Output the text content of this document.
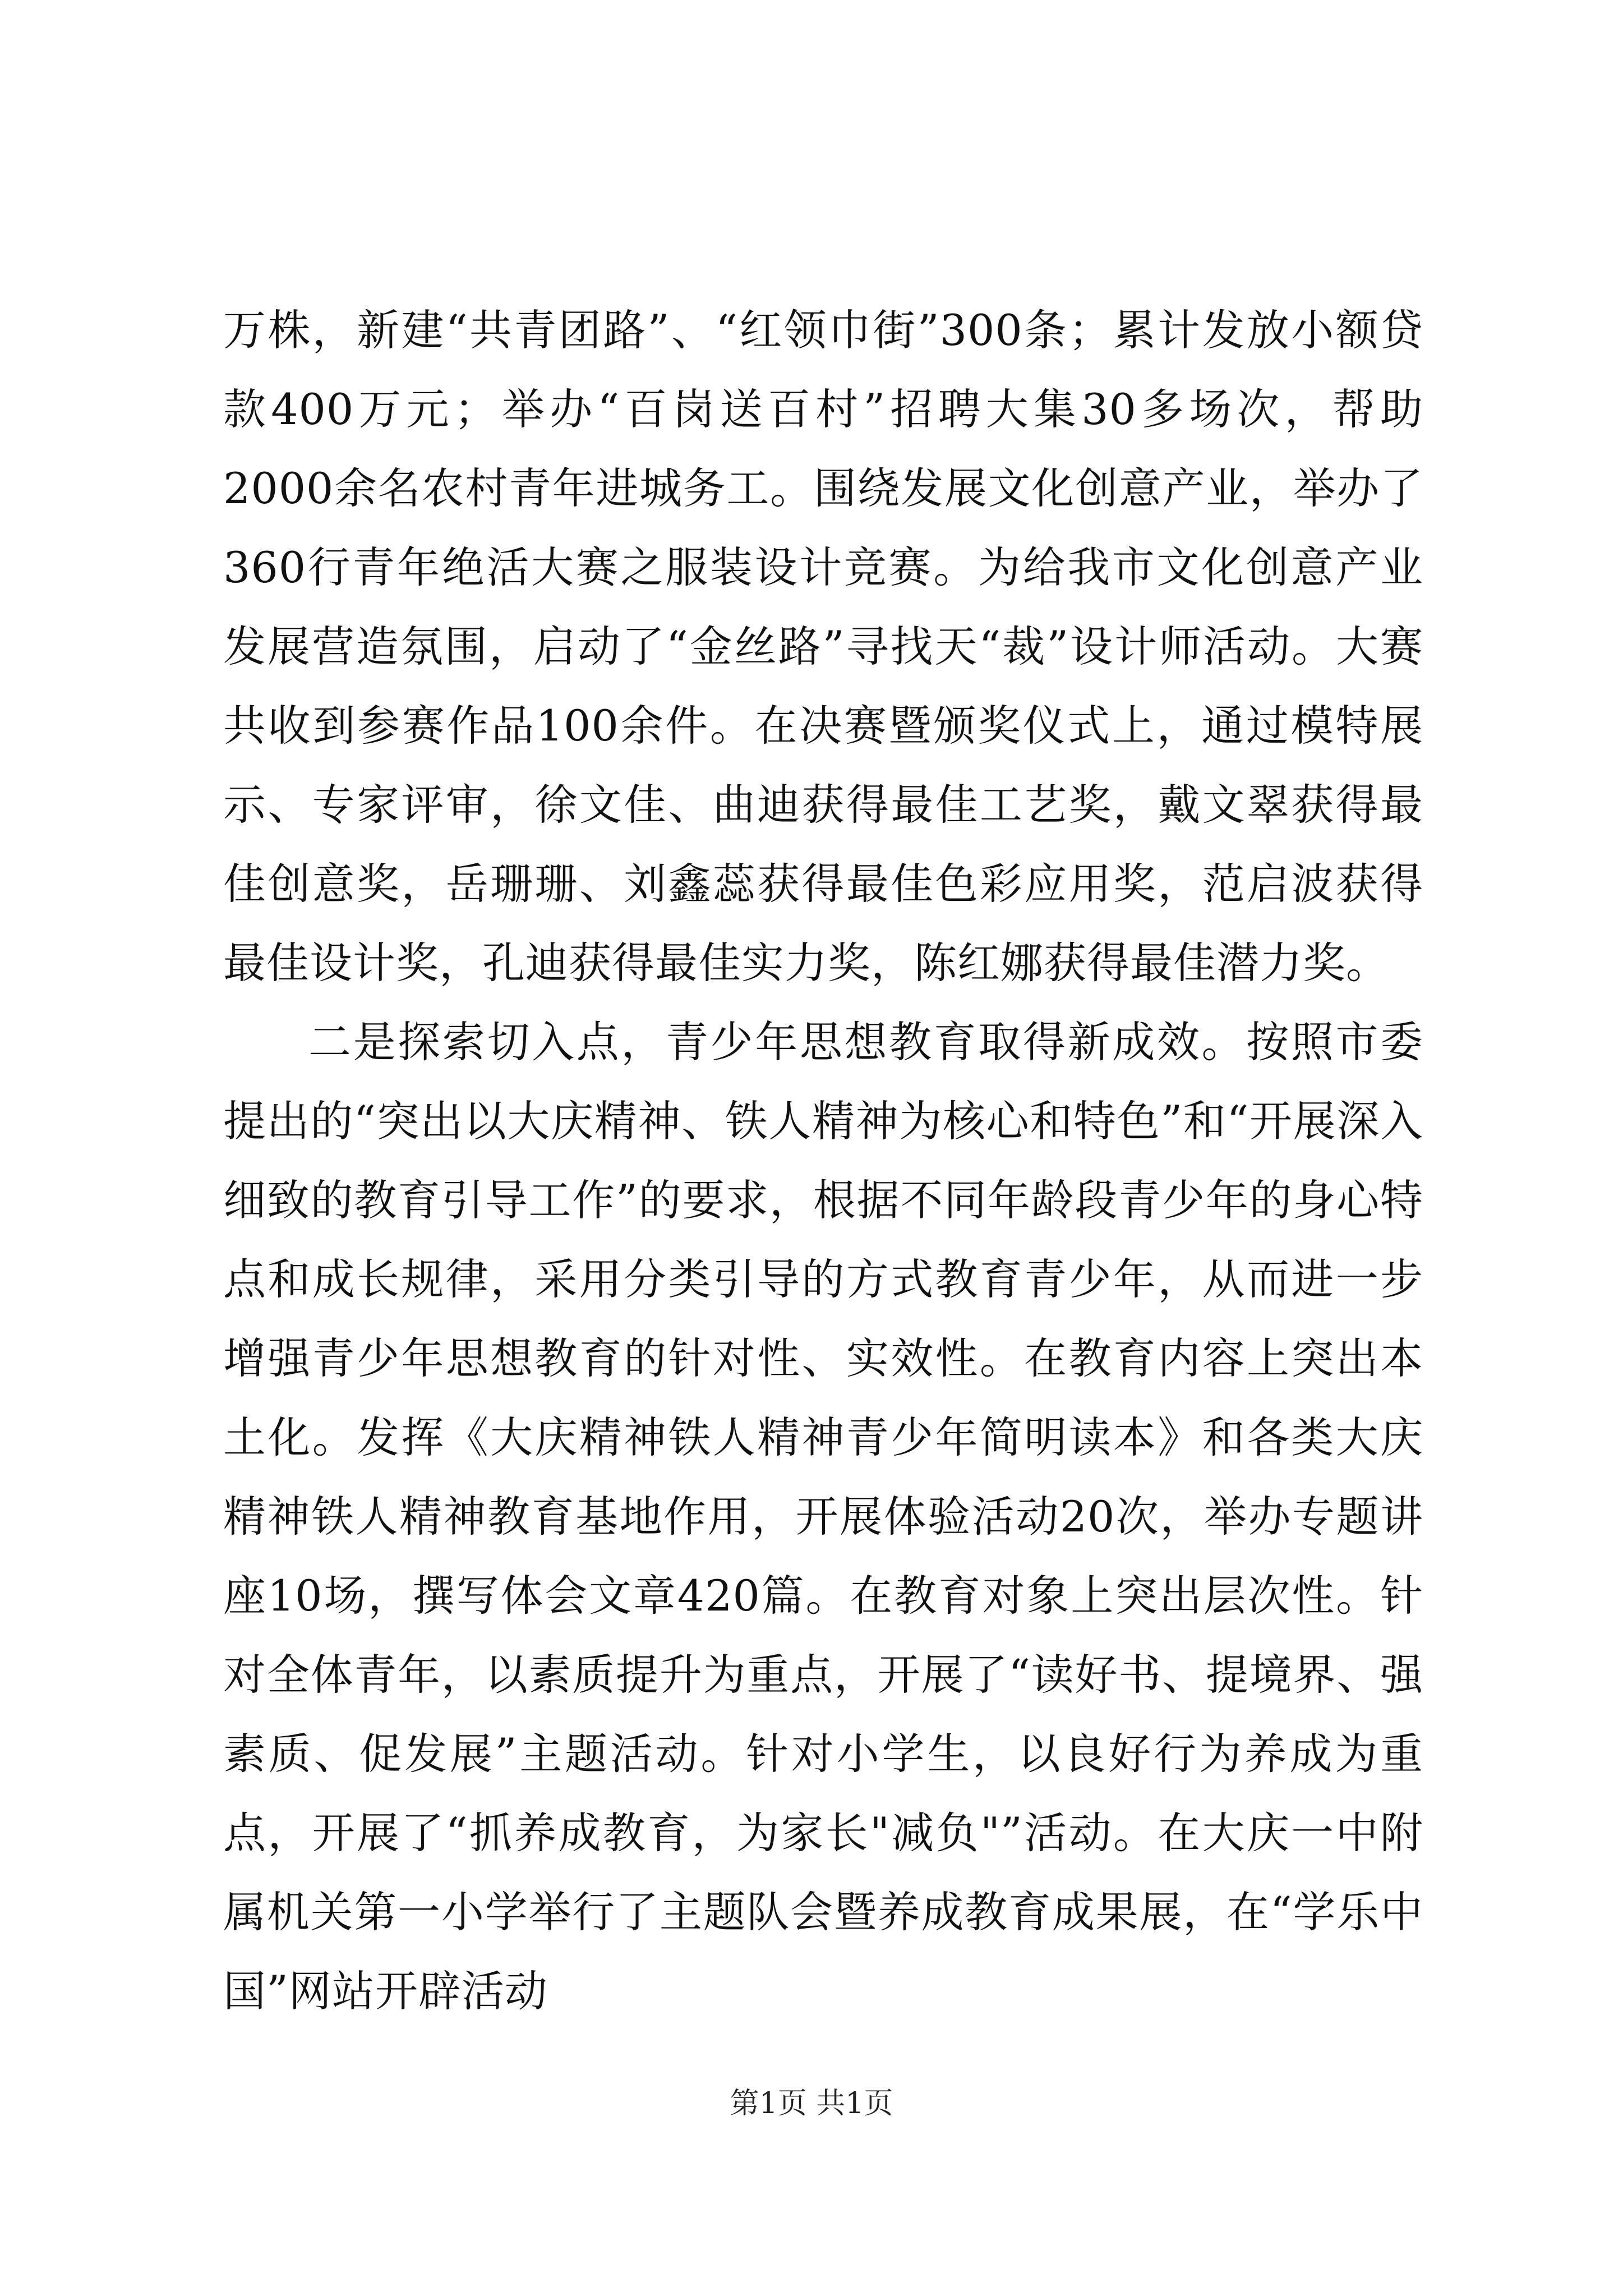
万株，新建“共青团路”、“红领巾街”300条；累计发放小额贷款400万元；举办“百岗送百村”招聘大集30多场次，帮助2000余名农村青年进城务工。围绕发展文化创意产业，举办了360行青年绝活大赛之服装设计竞赛。为给我市文化创意产业发展营造氛围，启动了“金丝路”寻找天“裁”设计师活动。大赛共收到参赛作品100余件。在决赛暨颁奖仪式上，通过模特展示、专家评审，徐文佳、曲迪获得最佳工艺奖，戴文翠获得最佳创意奖，岳珊珊、刘鑫蕊获得最佳色彩应用奖，范启波获得最佳设计奖，孔迪获得最佳实力奖，陈红娜获得最佳潜力奖。

二是探索切入点，青少年思想教育取得新成效。按照市委提出的“突出以大庆精神、铁人精神为核心和特色”和“开展深入细致的教育引导工作”的要求，根据不同年龄段青少年的身心特点和成长规律，采用分类引导的方式教育青少年，从而进一步增强青少年思想教育的针对性、实效性。在教育内容上突出本土化。发挥《大庆精神铁人精神青少年简明读本》和各类大庆精神铁人精神教育基地作用，开展体验活动20次，举办专题讲座10场，撰写体会文章420篇。在教育对象上突出层次性。针对全体青年，以素质提升为重点，开展了“读好书、提境界、强素质、促发展”主题活动。针对小学生，以良好行为养成为重点，开展了“抓养成教育，为家长"减负"”活动。在大庆一中附属机关第一小学举行了主题队会暨养成教育成果展，在“学乐中国”网站开辟活动

第1页 共1页
